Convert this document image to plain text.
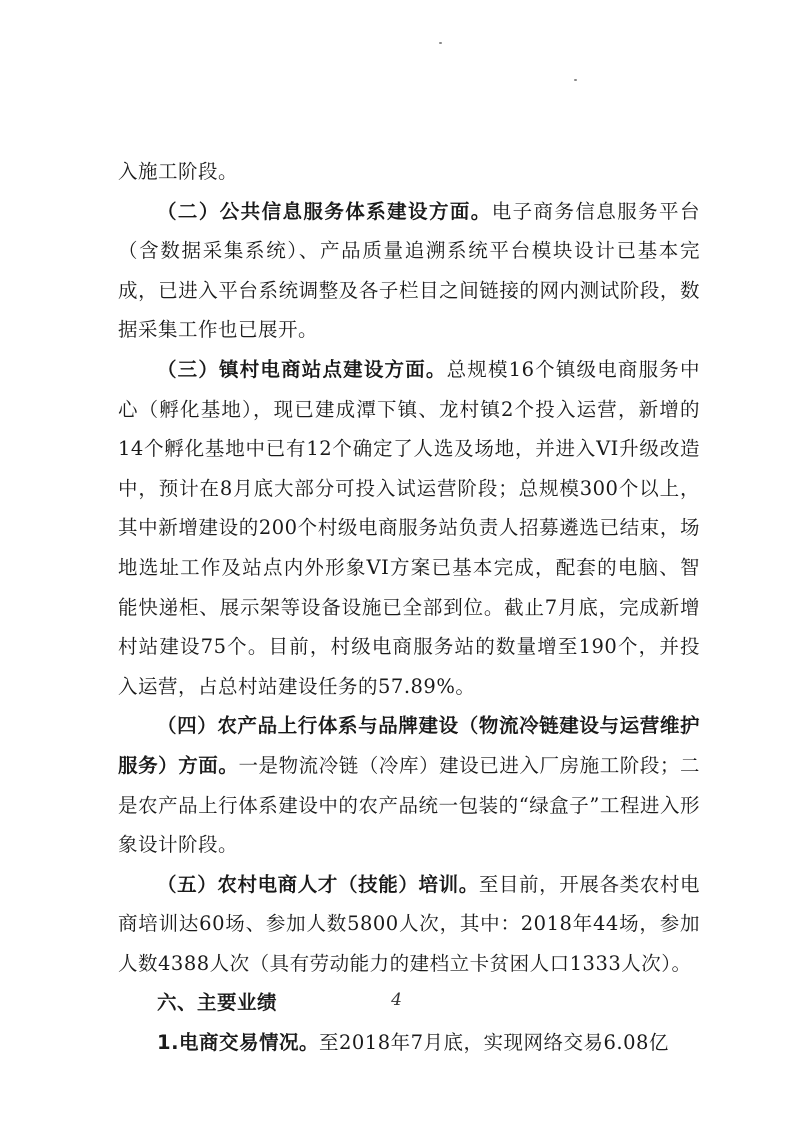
入施工阶段。

（二）公共信息服务体系建设方面。电子商务信息服务平台（含数据采集系统）、产品质量追溯系统平台模块设计已基本完成，已进入平台系统调整及各子栏目之间链接的网内测试阶段，数据采集工作也已展开。

（三）镇村电商站点建设方面。总规模16个镇级电商服务中心（孵化基地），现已建成潭下镇、龙村镇2个投入运营，新增的14个孵化基地中已有12个确定了人选及场地，并进入VI升级改造中，预计在8月底大部分可投入试运营阶段；总规模300个以上，其中新增建设的200个村级电商服务站负责人招募遴选已结束，场地选址工作及站点内外形象VI方案已基本完成，配套的电脑、智能快递柜、展示架等设备设施已全部到位。截止7月底，完成新增村站建设75个。目前，村级电商服务站的数量增至190个，并投入运营，占总村站建设任务的57.89%。

（四）农产品上行体系与品牌建设（物流冷链建设与运营维护服务）方面。一是物流冷链（冷库）建设已进入厂房施工阶段；二是农产品上行体系建设中的农产品统一包装的“绿盒子”工程进入形象设计阶段。

（五）农村电商人才（技能）培训。至目前，开展各类农村电商培训达60场、参加人数5800人次，其中：2018年44场，参加人数4388人次（具有劳动能力的建档立卡贫困人口1333人次）。

六、主要业绩

1.电商交易情况。至2018年7月底，实现网络交易6.08亿

4
